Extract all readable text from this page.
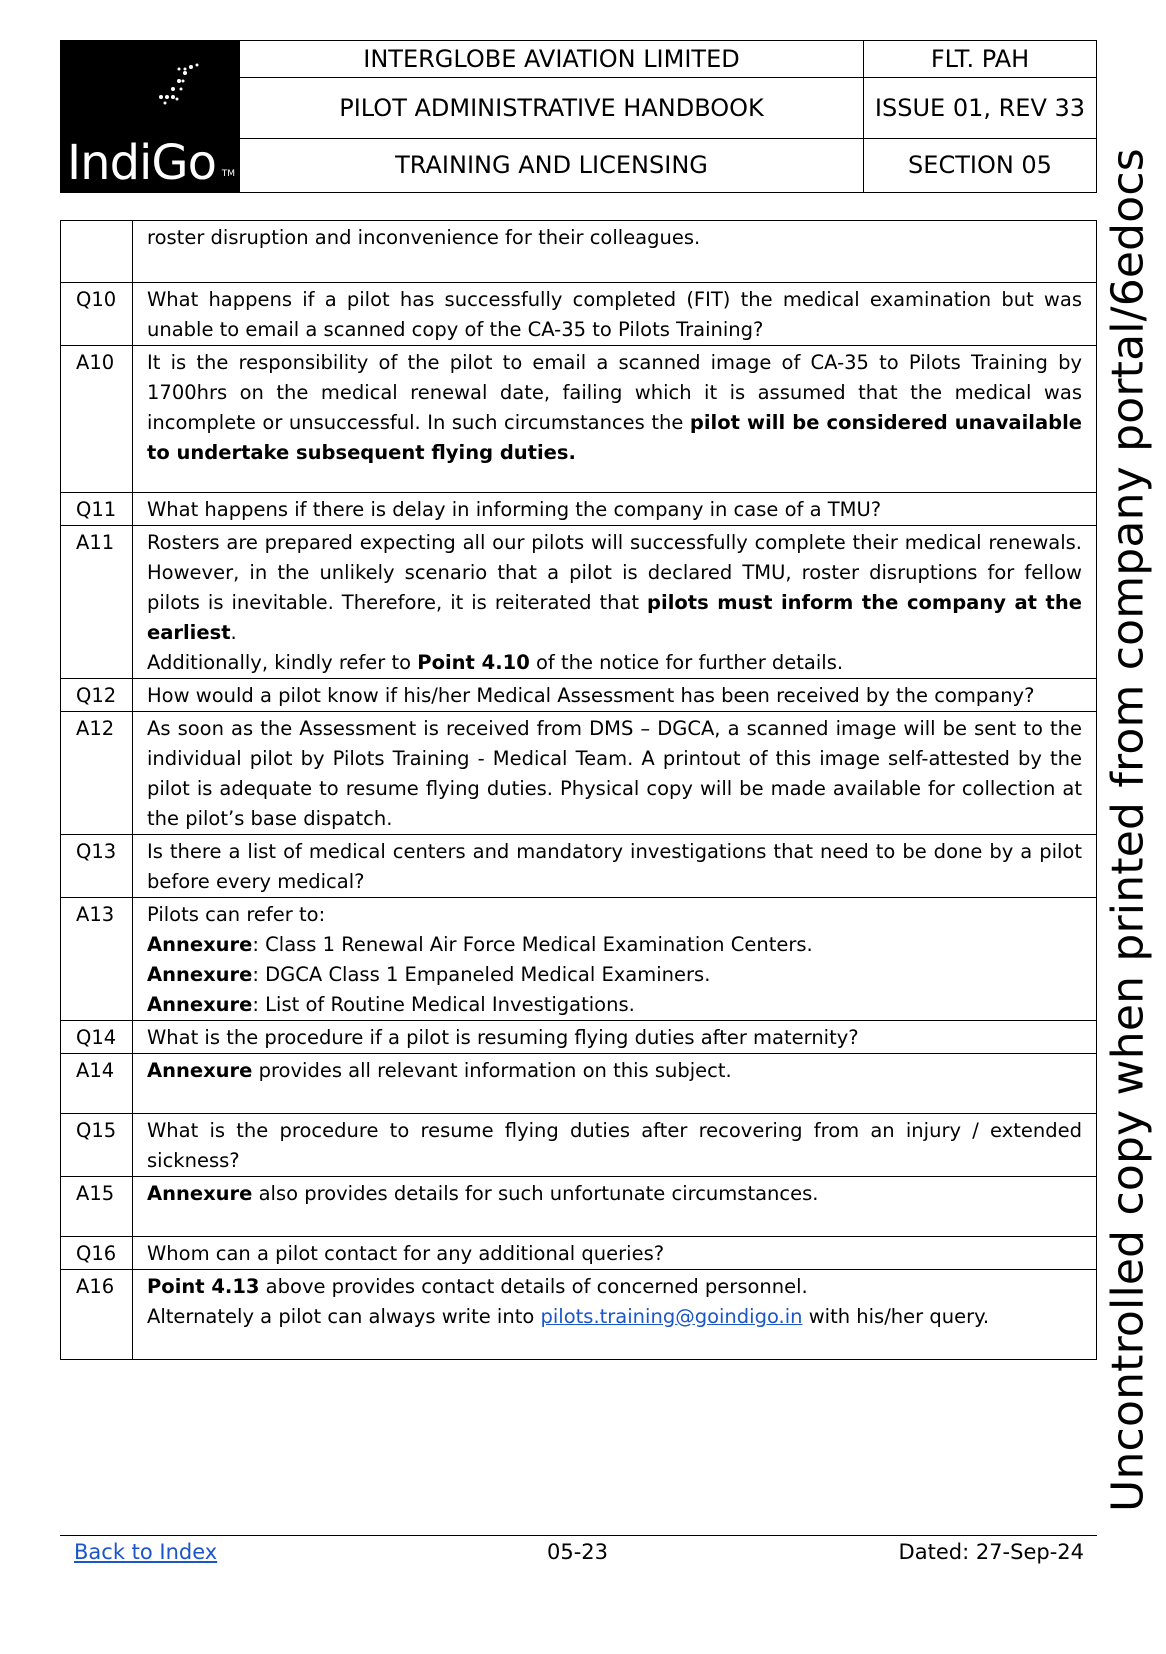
IndiGo TM	INTERGLOBE AVIATION LIMITED	FLT. PAH
	PILOT ADMINISTRATIVE HANDBOOK	ISSUE 01, REV 33
	TRAINING AND LICENSING	SECTION 05

	roster disruption and inconvenience for their colleagues.

Q10	What happens if a pilot has successfully completed (FIT) the medical examination but was unable to email a scanned copy of the CA-35 to Pilots Training?

A10	It is the responsibility of the pilot to email a scanned image of CA-35 to Pilots Training by 1700hrs on the medical renewal date, failing which it is assumed that the medical was incomplete or unsuccessful. In such circumstances the pilot will be considered unavailable to undertake subsequent flying duties.

Q11	What happens if there is delay in informing the company in case of a TMU?

A11	Rosters are prepared expecting all our pilots will successfully complete their medical renewals. However, in the unlikely scenario that a pilot is declared TMU, roster disruptions for fellow pilots is inevitable. Therefore, it is reiterated that pilots must inform the company at the earliest.
Additionally, kindly refer to Point 4.10 of the notice for further details.

Q12	How would a pilot know if his/her Medical Assessment has been received by the company?

A12	As soon as the Assessment is received from DMS – DGCA, a scanned image will be sent to the individual pilot by Pilots Training - Medical Team. A printout of this image self-attested by the pilot is adequate to resume flying duties. Physical copy will be made available for collection at the pilot’s base dispatch.

Q13	Is there a list of medical centers and mandatory investigations that need to be done by a pilot before every medical?

A13	Pilots can refer to:
Annexure: Class 1 Renewal Air Force Medical Examination Centers.
Annexure: DGCA Class 1 Empaneled Medical Examiners.
Annexure: List of Routine Medical Investigations.

Q14	What is the procedure if a pilot is resuming flying duties after maternity?

A14	Annexure provides all relevant information on this subject.

Q15	What is the procedure to resume flying duties after recovering from an injury / extended sickness?

A15	Annexure also provides details for such unfortunate circumstances.

Q16	Whom can a pilot contact for any additional queries?

A16	Point 4.13 above provides contact details of concerned personnel.
Alternately a pilot can always write into pilots.training@goindigo.in with his/her query.	Uncontrolled copy when printed from company portal/6edocs
Back to Index	05-23	Dated: 27-Sep-24
